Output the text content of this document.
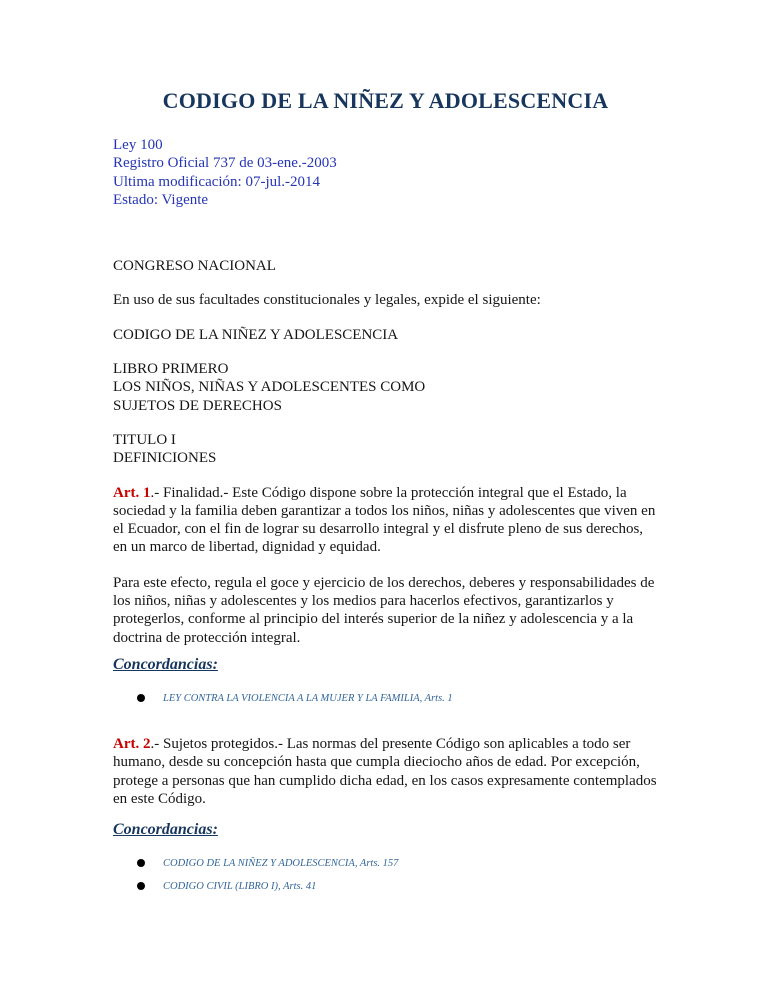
CODIGO DE LA NIÑEZ Y ADOLESCENCIA
Ley 100
Registro Oficial 737 de 03-ene.-2003
Ultima modificación: 07-jul.-2014
Estado: Vigente

CONGRESO NACIONAL

En uso de sus facultades constitucionales y legales, expide el siguiente:

CODIGO DE LA NIÑEZ Y ADOLESCENCIA

LIBRO PRIMERO
LOS NIÑOS, NIÑAS Y ADOLESCENTES COMO
SUJETOS DE DERECHOS
TITULO I
DEFINICIONES

Art. 1.- Finalidad.- Este Código dispone sobre la protección integral que el Estado, la sociedad y la familia deben garantizar a todos los niños, niñas y adolescentes que viven en el Ecuador, con el fin de lograr su desarrollo integral y el disfrute pleno de sus derechos, en un marco de libertad, dignidad y equidad.

Para este efecto, regula el goce y ejercicio de los derechos, deberes y responsabilidades de los niños, niñas y adolescentes y los medios para hacerlos efectivos, garantizarlos y protegerlos, conforme al principio del interés superior de la niñez y adolescencia y a la doctrina de protección integral.

Concordancias:
LEY CONTRA LA VIOLENCIA A LA MUJER Y LA FAMILIA, Arts. 1

Art. 2.- Sujetos protegidos.- Las normas del presente Código son aplicables a todo ser humano, desde su concepción hasta que cumpla dieciocho años de edad. Por excepción, protege a personas que han cumplido dicha edad, en los casos expresamente contemplados en este Código.

Concordancias:
CODIGO DE LA NIÑEZ Y ADOLESCENCIA, Arts. 157
CODIGO CIVIL (LIBRO I), Arts. 41
